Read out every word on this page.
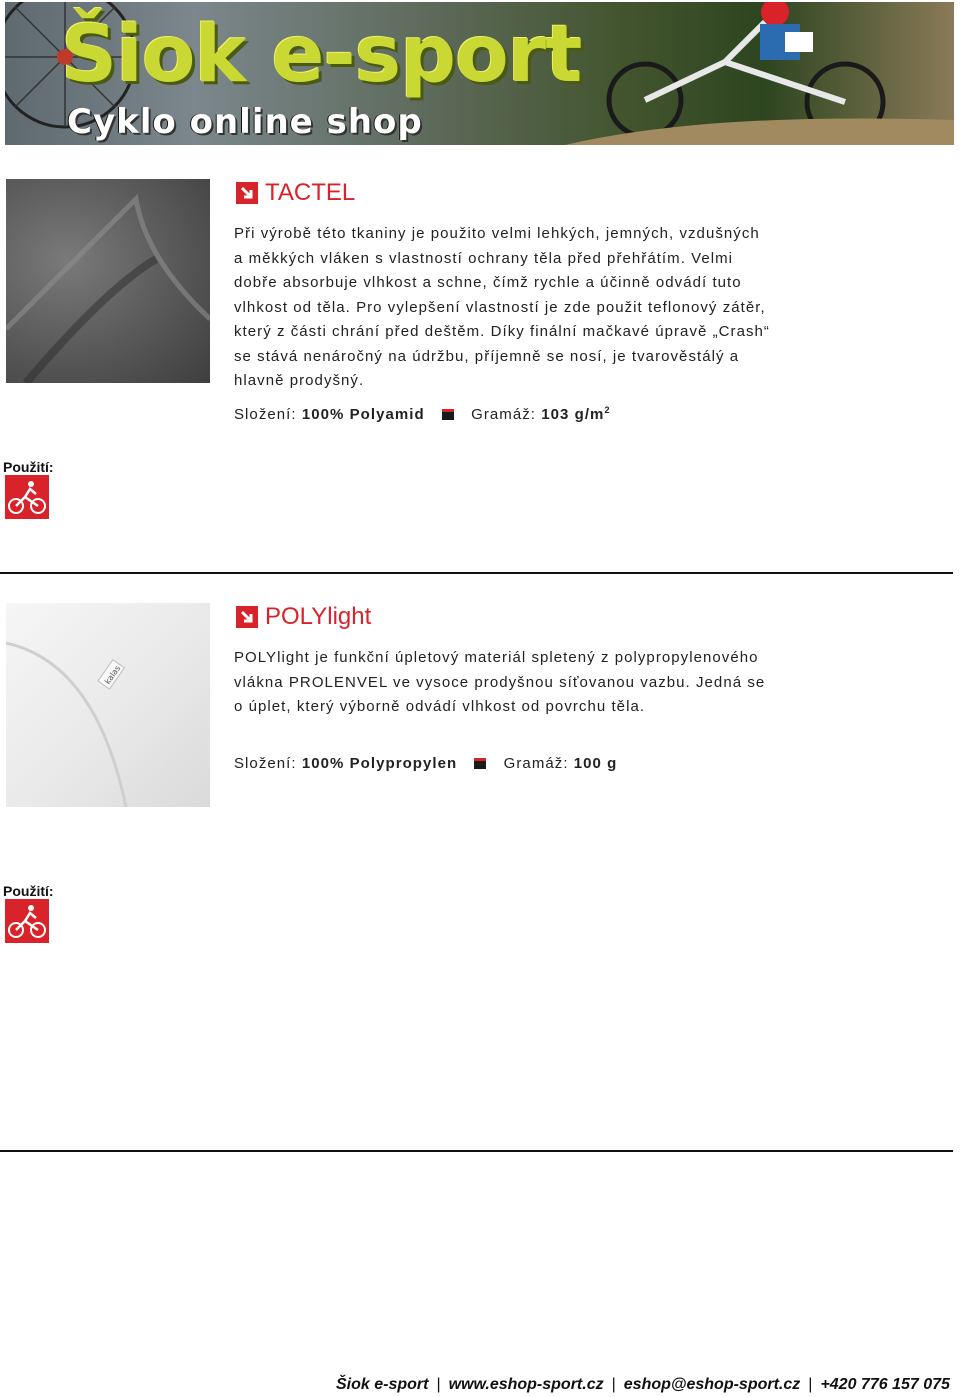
Šiok e-sport

Cyklo online shop

TACTEL

Při výrobě této tkaniny je použito velmi lehkých, jemných, vzdušných a měkkých vláken s vlastností ochrany těla před přehřátím. Velmi dobře absorbuje vlhkost a schne, čímž rychle a účinně odvádí tuto vlhkost od těla. Pro vylepšení vlastností je zde použit teflonový zátěr, který z části chrání před deštěm. Díky finální mačkavé úpravě „Crash“ se stává nenáročný na údržbu, příjemně se nosí, je tvarověstálý a hlavně prodyšný.

Složení: 100% Polyamid	Gramáž: 103 $g/m^2$

Použití:

kalas
POLYlight

POLYlight je funkční úpletový materiál spletený z polypropylenového vlákna PROLENVEL ve vysoce prodyšnou síťovanou vazbu. Jedná se o úplet, který výborně odvádí vlhkost od povrchu těla.

Složení: 100% Polypropylen	Gramáž: 100 g

Použití:

Šiok e-sport | www.eshop-sport.cz | eshop@eshop-sport.cz | +420 776 157 075
